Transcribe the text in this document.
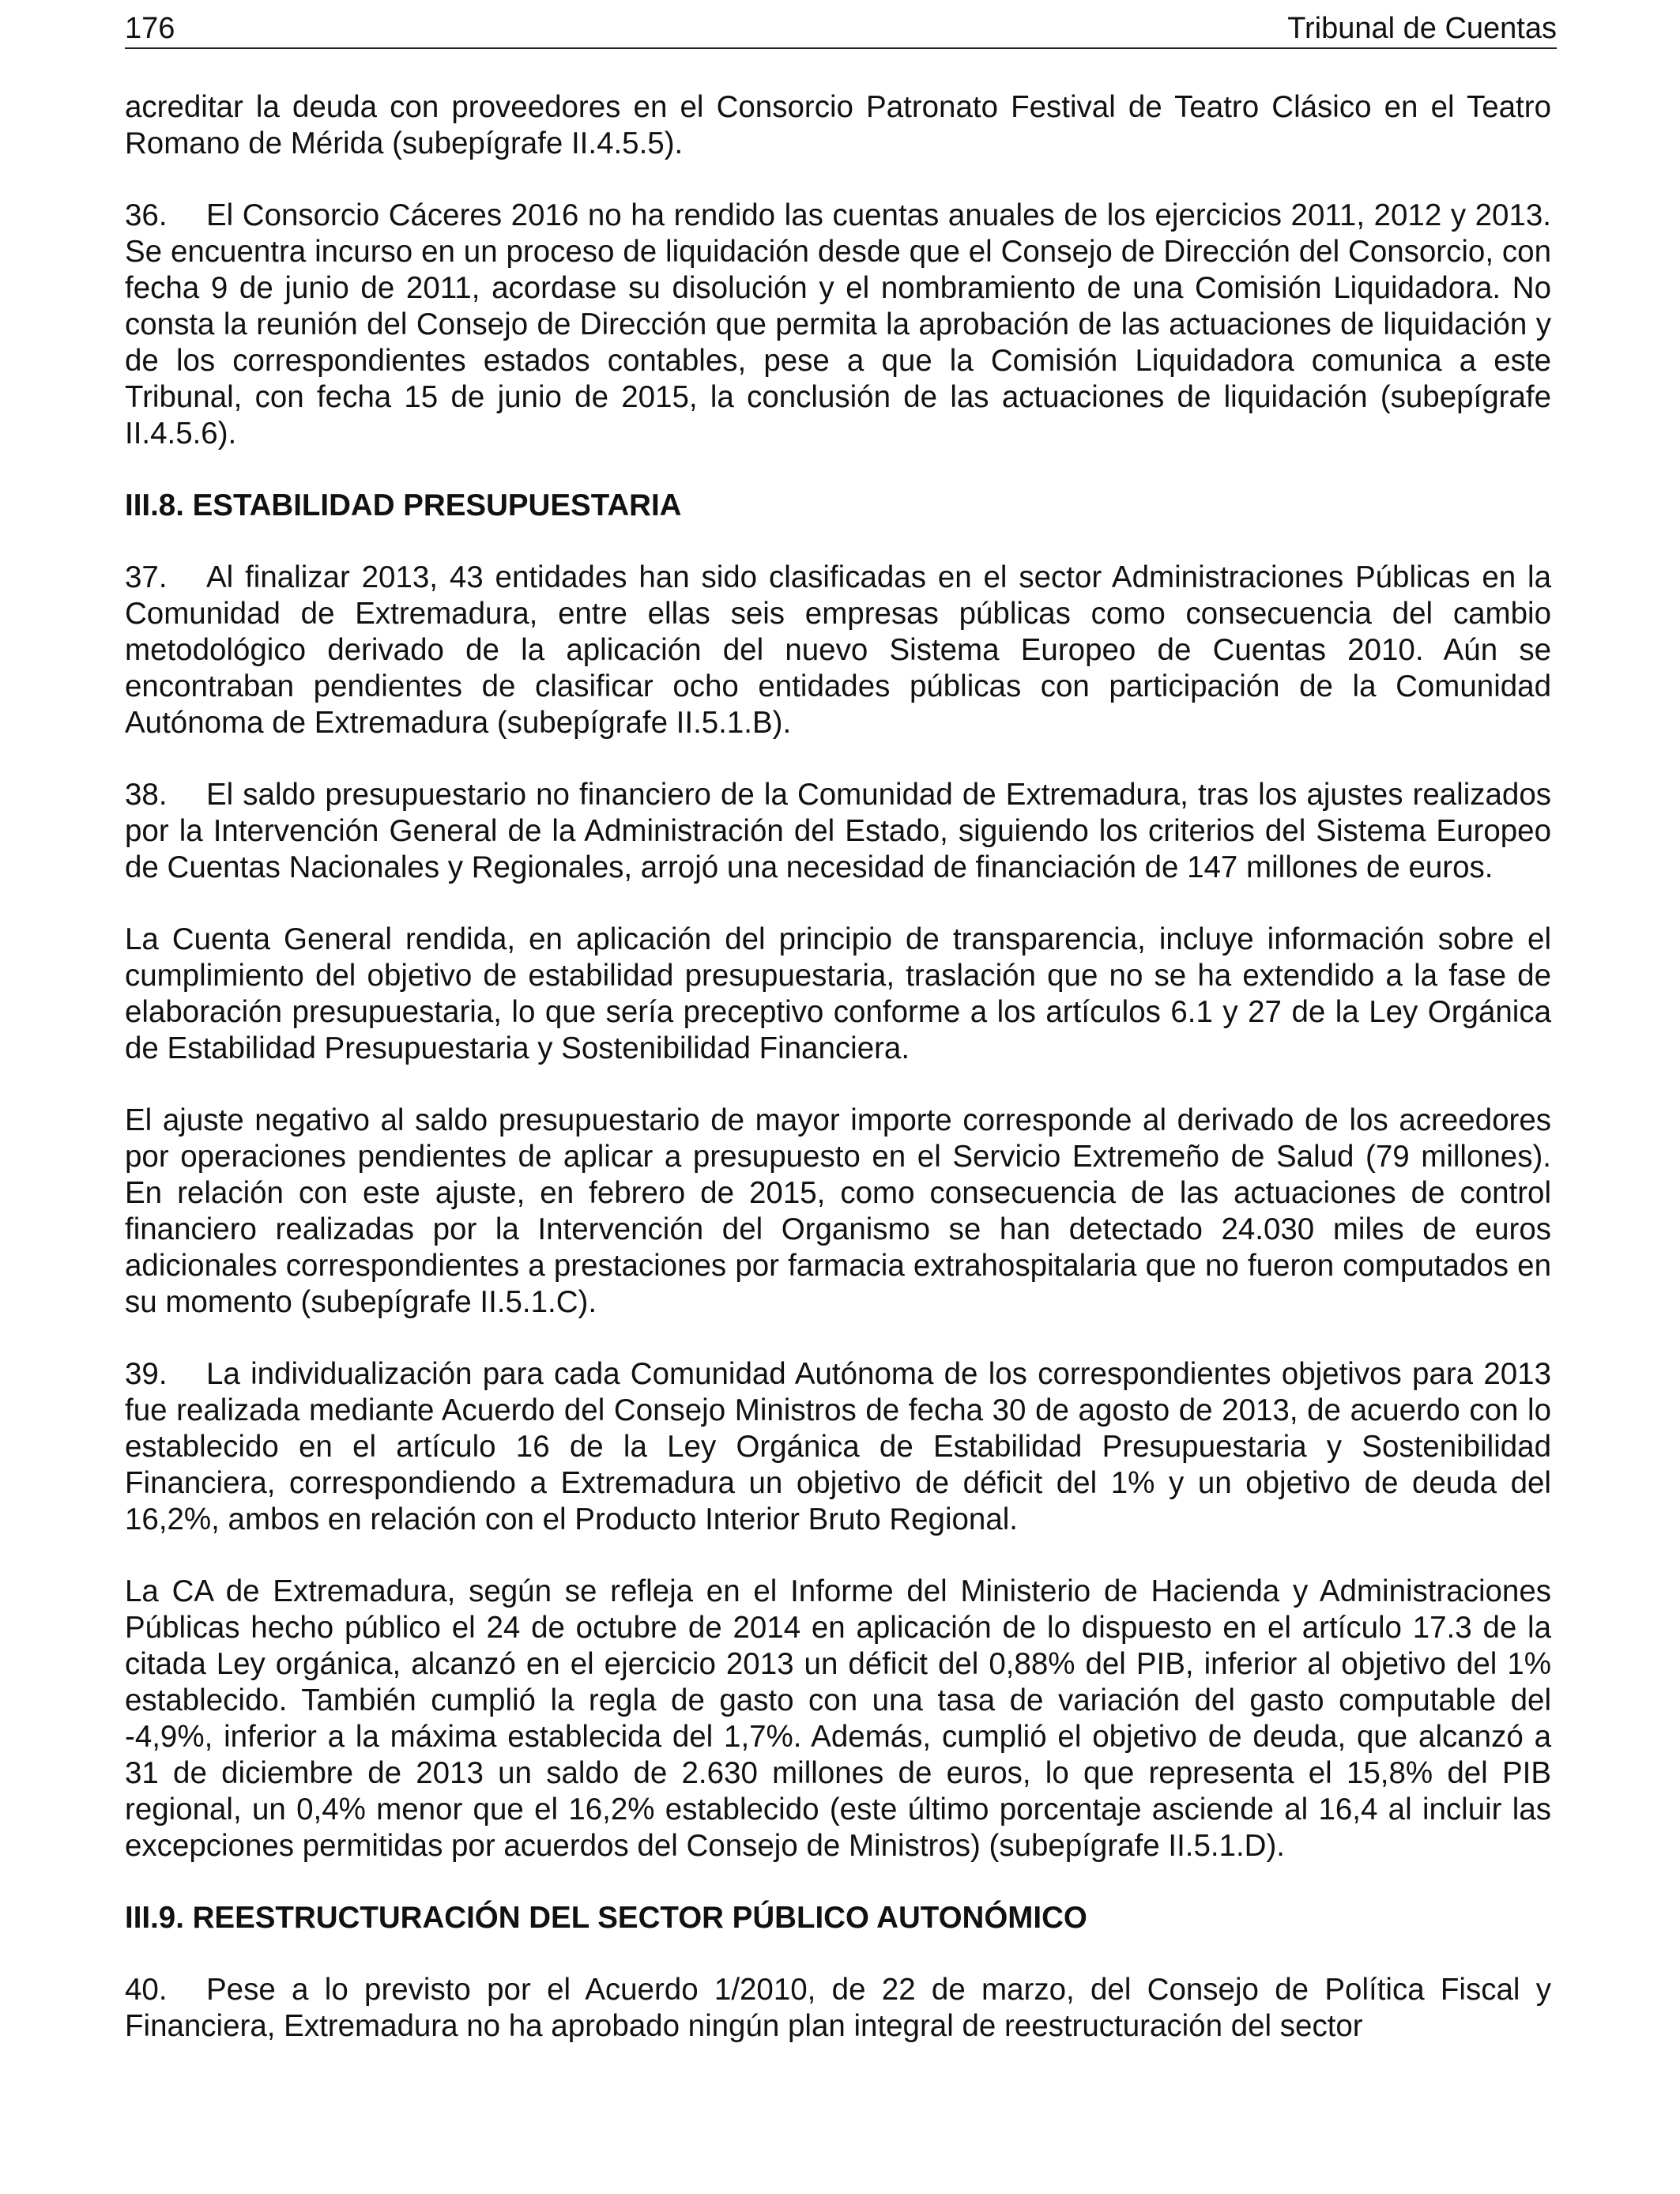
176	Tribunal de Cuentas

acreditar la deuda con proveedores en el Consorcio Patronato Festival de Teatro Clásico en el Teatro Romano de Mérida (subepígrafe II.4.5.5).

36. El Consorcio Cáceres 2016 no ha rendido las cuentas anuales de los ejercicios 2011, 2012 y 2013. Se encuentra incurso en un proceso de liquidación desde que el Consejo de Dirección del Consorcio, con fecha 9 de junio de 2011, acordase su disolución y el nombramiento de una Comisión Liquidadora. No consta la reunión del Consejo de Dirección que permita la aprobación de las actuaciones de liquidación y de los correspondientes estados contables, pese a que la Comisión Liquidadora comunica a este Tribunal, con fecha 15 de junio de 2015, la conclusión de las actuaciones de liquidación (subepígrafe II.4.5.6).

III.8. ESTABILIDAD PRESUPUESTARIA

37. Al finalizar 2013, 43 entidades han sido clasificadas en el sector Administraciones Públicas en la Comunidad de Extremadura, entre ellas seis empresas públicas como consecuencia del cambio metodológico derivado de la aplicación del nuevo Sistema Europeo de Cuentas 2010. Aún se encontraban pendientes de clasificar ocho entidades públicas con participación de la Comunidad Autónoma de Extremadura (subepígrafe II.5.1.B).

38. El saldo presupuestario no financiero de la Comunidad de Extremadura, tras los ajustes realizados por la Intervención General de la Administración del Estado, siguiendo los criterios del Sistema Europeo de Cuentas Nacionales y Regionales, arrojó una necesidad de financiación de 147 millones de euros.

La Cuenta General rendida, en aplicación del principio de transparencia, incluye información sobre el cumplimiento del objetivo de estabilidad presupuestaria, traslación que no se ha extendido a la fase de elaboración presupuestaria, lo que sería preceptivo conforme a los artículos 6.1 y 27 de la Ley Orgánica de Estabilidad Presupuestaria y Sostenibilidad Financiera.

El ajuste negativo al saldo presupuestario de mayor importe corresponde al derivado de los acreedores por operaciones pendientes de aplicar a presupuesto en el Servicio Extremeño de Salud (79 millones). En relación con este ajuste, en febrero de 2015, como consecuencia de las actuaciones de control financiero realizadas por la Intervención del Organismo se han detectado 24.030 miles de euros adicionales correspondientes a prestaciones por farmacia extrahospitalaria que no fueron computados en su momento (subepígrafe II.5.1.C).

39. La individualización para cada Comunidad Autónoma de los correspondientes objetivos para 2013 fue realizada mediante Acuerdo del Consejo Ministros de fecha 30 de agosto de 2013, de acuerdo con lo establecido en el artículo 16 de la Ley Orgánica de Estabilidad Presupuestaria y Sostenibilidad Financiera, correspondiendo a Extremadura un objetivo de déficit del 1% y un objetivo de deuda del 16,2%, ambos en relación con el Producto Interior Bruto Regional.

La CA de Extremadura, según se refleja en el Informe del Ministerio de Hacienda y Administraciones Públicas hecho público el 24 de octubre de 2014 en aplicación de lo dispuesto en el artículo 17.3 de la citada Ley orgánica, alcanzó en el ejercicio 2013 un déficit del 0,88% del PIB, inferior al objetivo del 1% establecido. También cumplió la regla de gasto con una tasa de variación del gasto computable del -4,9%, inferior a la máxima establecida del 1,7%. Además, cumplió el objetivo de deuda, que alcanzó a 31 de diciembre de 2013 un saldo de 2.630 millones de euros, lo que representa el 15,8% del PIB regional, un 0,4% menor que el 16,2% establecido (este último porcentaje asciende al 16,4 al incluir las excepciones permitidas por acuerdos del Consejo de Ministros) (subepígrafe II.5.1.D).

III.9. REESTRUCTURACIÓN DEL SECTOR PÚBLICO AUTONÓMICO

40. Pese a lo previsto por el Acuerdo 1/2010, de 22 de marzo, del Consejo de Política Fiscal y Financiera, Extremadura no ha aprobado ningún plan integral de reestructuración del sector
